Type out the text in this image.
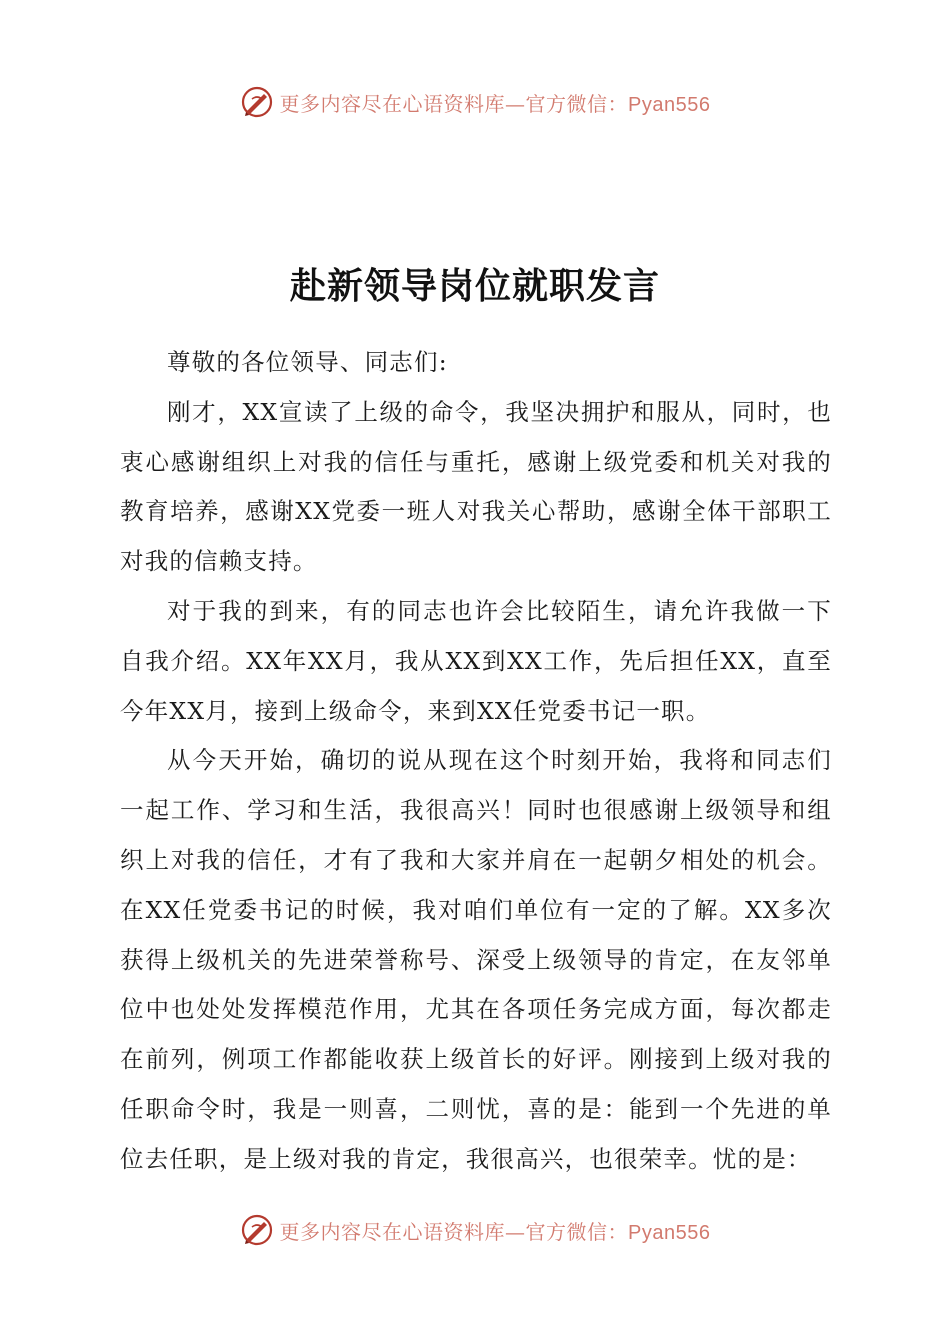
更多内容尽在心语资料库—官方微信：Pyan556
赴新领导岗位就职发言

尊敬的各位领导、同志们:

刚才，XX宣读了上级的命令，我坚决拥护和服从，同时，也衷心感谢组织上对我的信任与重托，感谢上级党委和机关对我的教育培养，感谢XX党委一班人对我关心帮助，感谢全体干部职工对我的信赖支持。

对于我的到来，有的同志也许会比较陌生，请允许我做一下自我介绍。XX年XX月，我从XX到XX工作，先后担任XX，直至今年XX月，接到上级命令，来到XX任党委书记一职。

从今天开始，确切的说从现在这个时刻开始，我将和同志们一起工作、学习和生活，我很高兴！同时也很感谢上级领导和组织上对我的信任，才有了我和大家并肩在一起朝夕相处的机会。在XX任党委书记的时候，我对咱们单位有一定的了解。XX多次获得上级机关的先进荣誉称号、深受上级领导的肯定，在友邻单位中也处处发挥模范作用，尤其在各项任务完成方面，每次都走在前列，例项工作都能收获上级首长的好评。刚接到上级对我的任职命令时，我是一则喜，二则忧，喜的是：能到一个先进的单位去任职，是上级对我的肯定，我很高兴，也很荣幸。忧的是：

更多内容尽在心语资料库—官方微信：Pyan556
